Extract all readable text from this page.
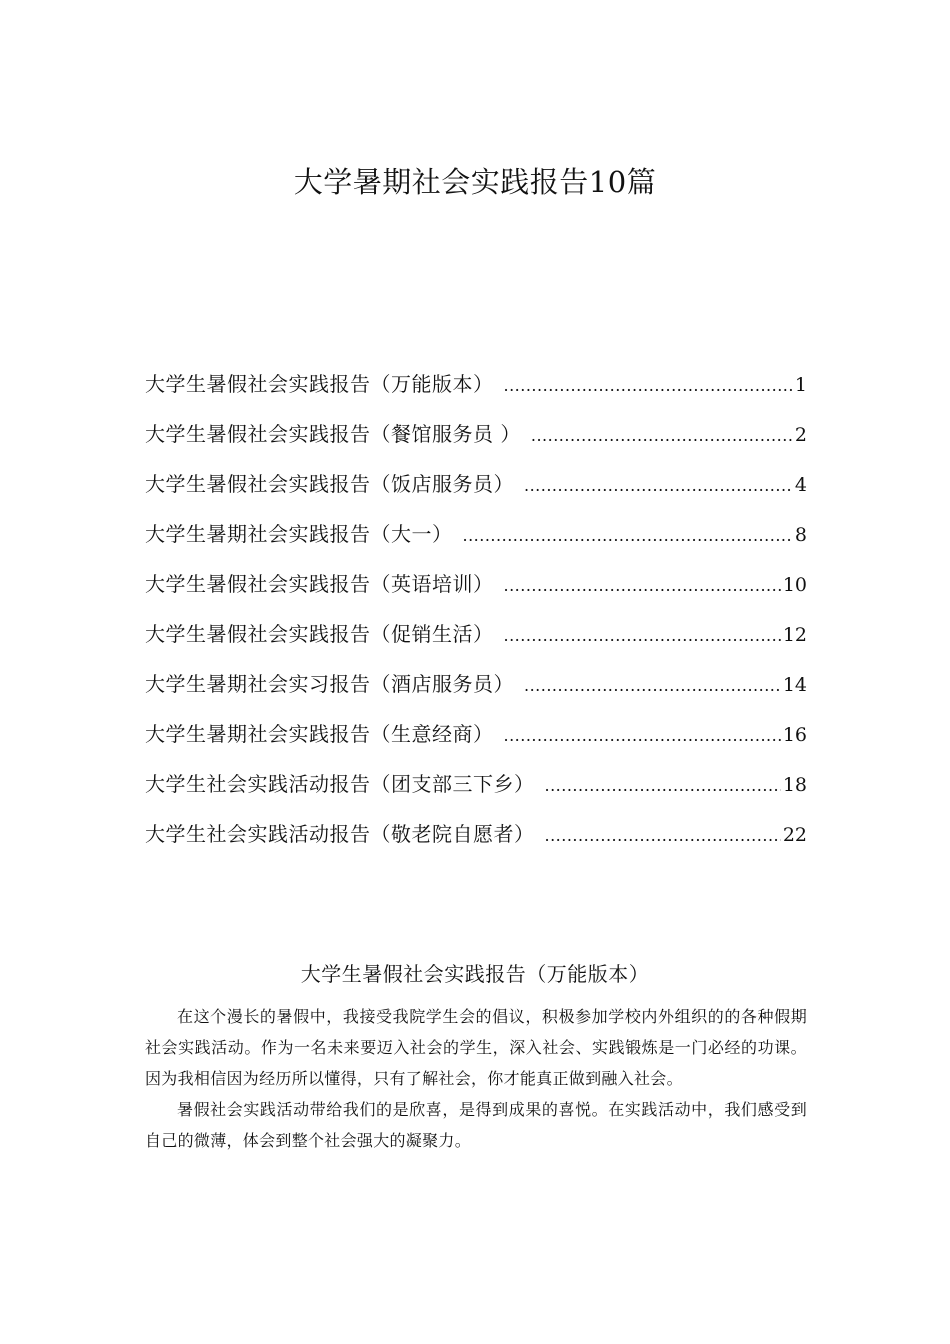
大学暑期社会实践报告10篇
大学生暑假社会实践报告（万能版本） .....	1
大学生暑假社会实践报告（餐馆服务员 ） .....	2
大学生暑假社会实践报告（饭店服务员） .....	4
大学生暑期社会实践报告（大一） .....	8
大学生暑假社会实践报告（英语培训） .....	10
大学生暑假社会实践报告（促销生活） .....	12
大学生暑期社会实习报告（酒店服务员） .....	14
大学生暑期社会实践报告（生意经商） .....	16
大学生社会实践活动报告（团支部三下乡） .....	18
大学生社会实践活动报告（敬老院自愿者） .....	22
大学生暑假社会实践报告（万能版本）

在这个漫长的暑假中，我接受我院学生会的倡议，积极参加学校内外组织的的各种假期社会实践活动。作为一名未来要迈入社会的学生，深入社会、实践锻炼是一门必经的功课。因为我相信因为经历所以懂得，只有了解社会，你才能真正做到融入社会。

暑假社会实践活动带给我们的是欣喜，是得到成果的喜悦。在实践活动中，我们感受到自己的微薄，体会到整个社会强大的凝聚力。
